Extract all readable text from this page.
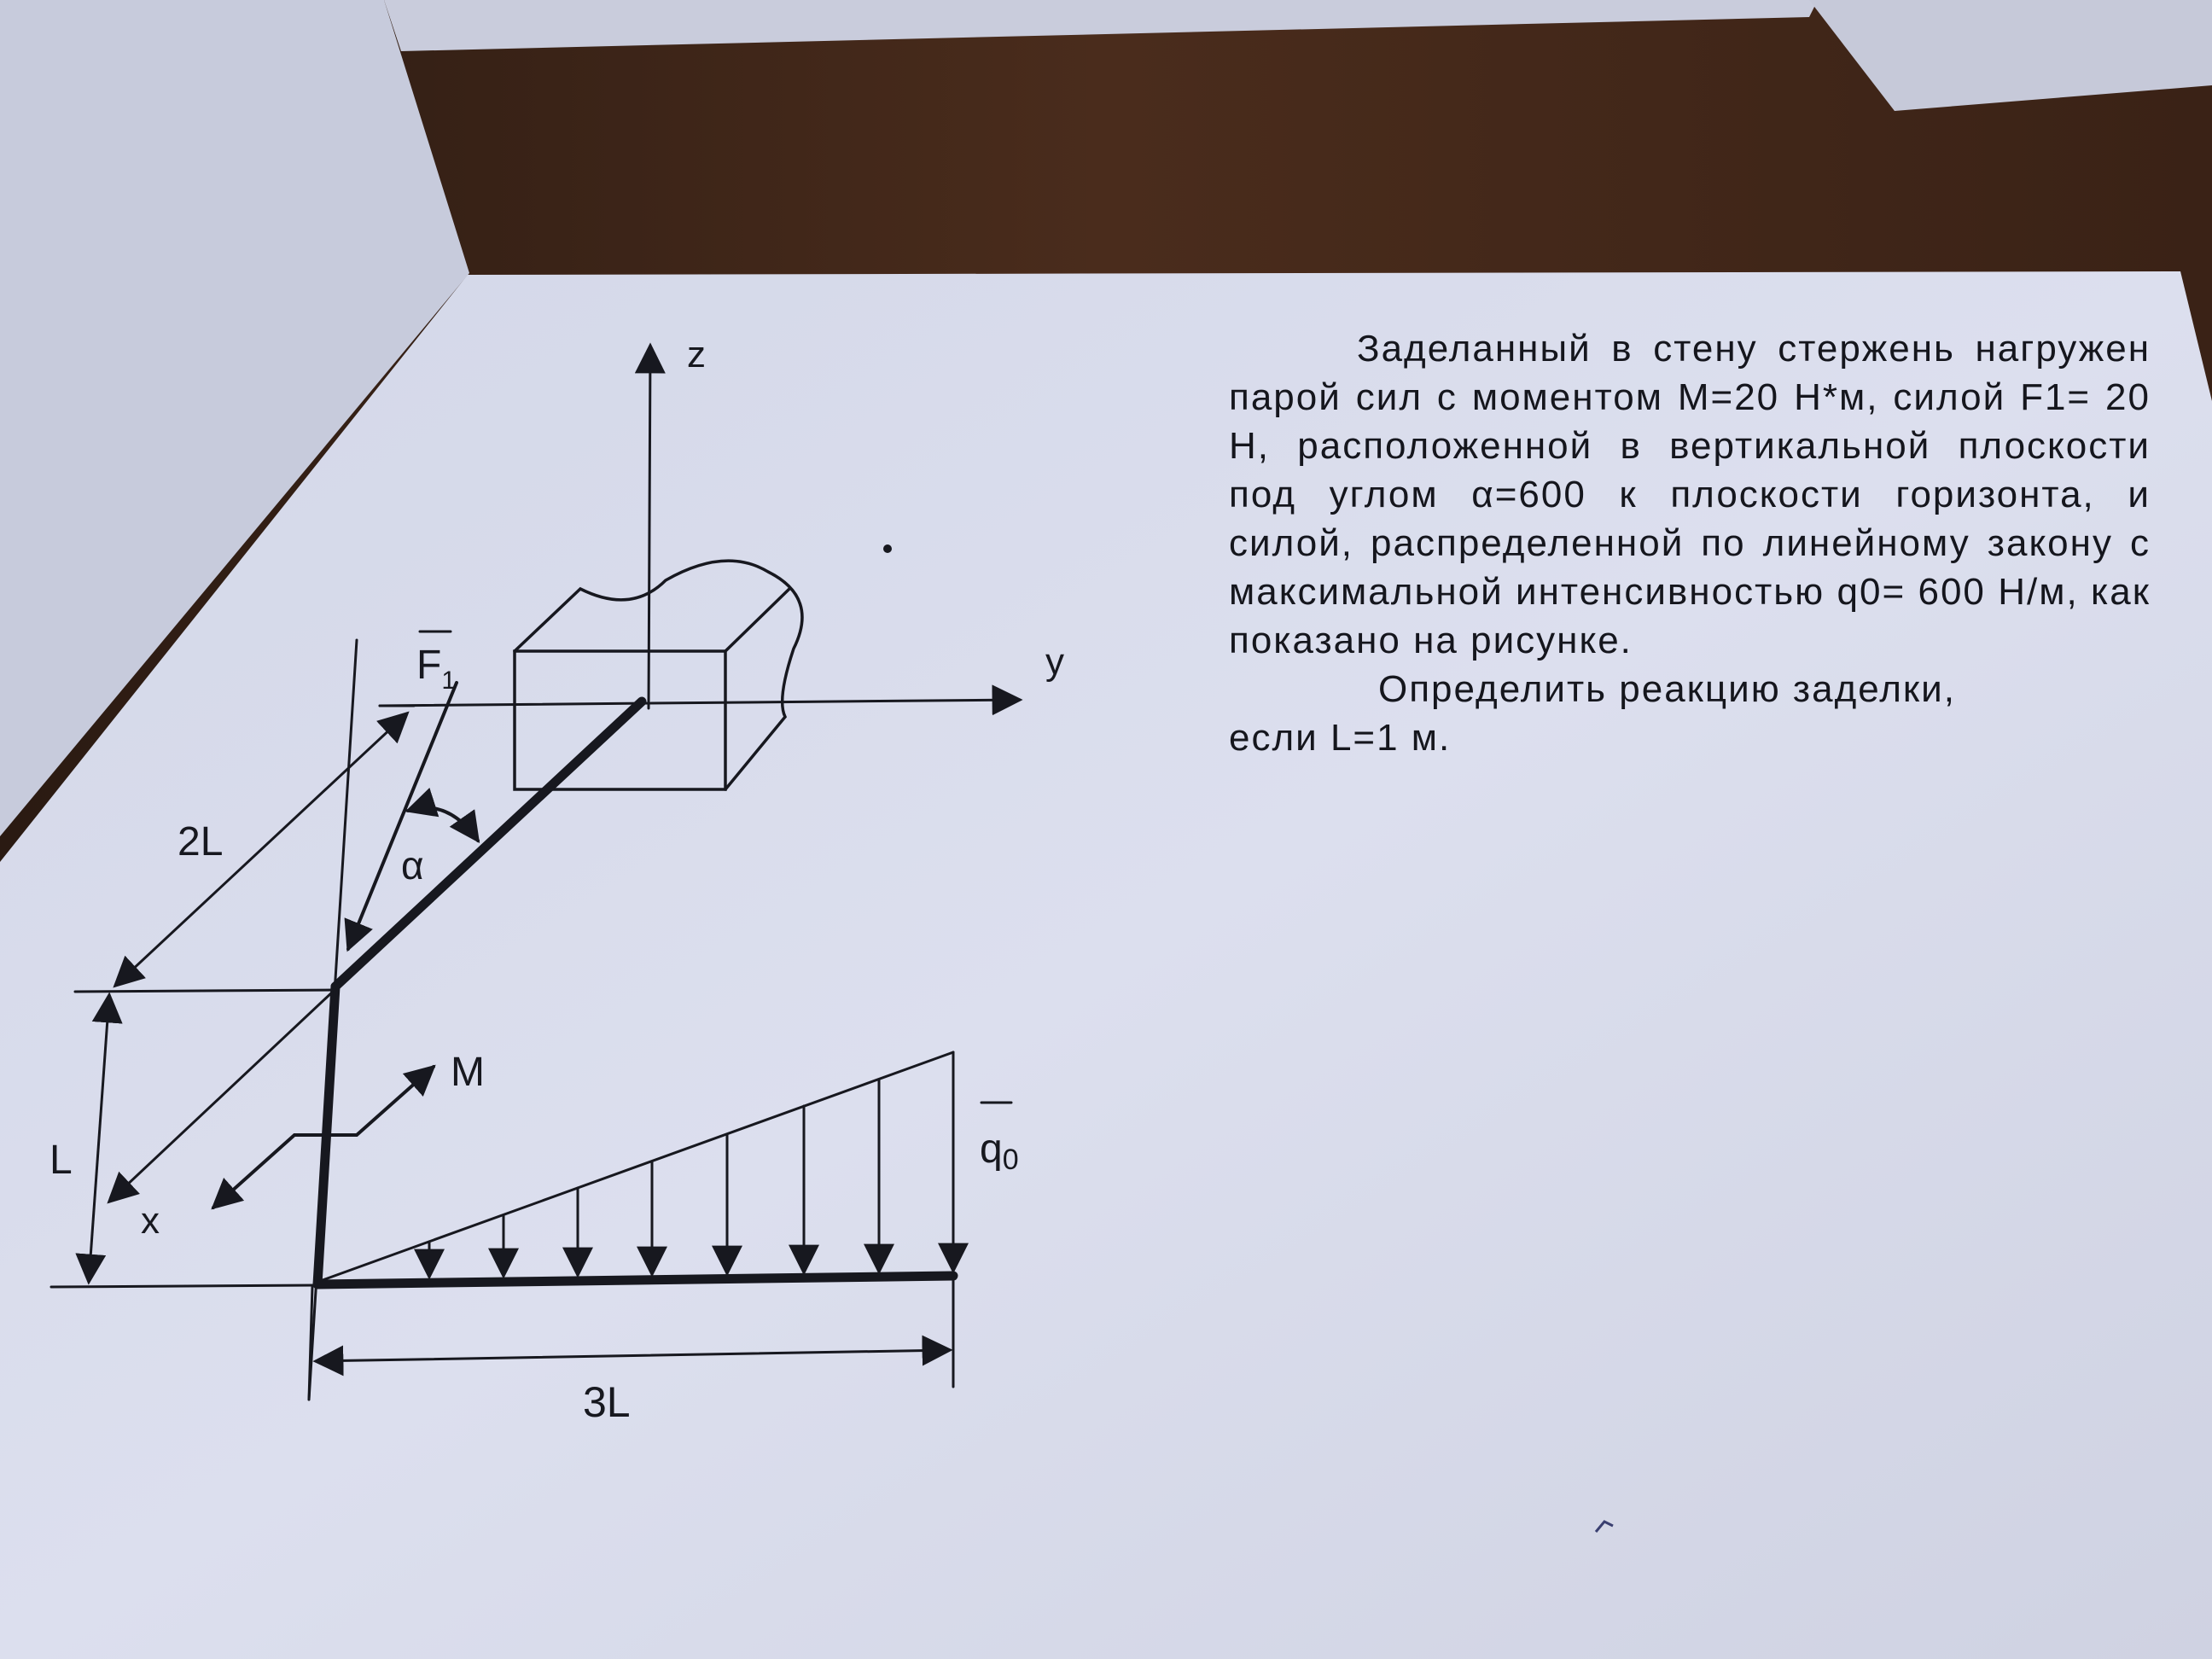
z
y
x
$F_1$
α
M
q0
2L
L
3L

Заделанный в стену стержень нагружен парой сил с моментом M=20 Н*м, силой F1= 20 Н, расположенной в вертикальной плоскости под углом α=600 к плоскости горизонта, и силой, распределенной по линейному закону с максимальной интенсивностью q0= 600 Н/м, как показано на рисунке.

Определить реакцию заделки,

если L=1 м.
